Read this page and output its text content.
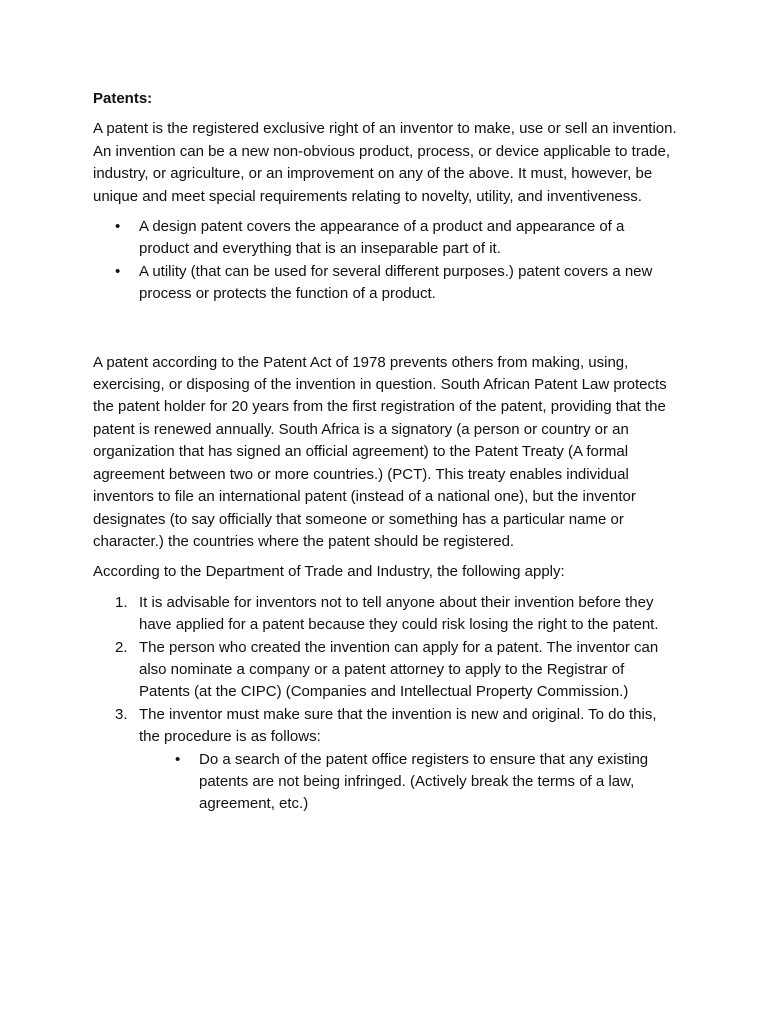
Patents:

A patent is the registered exclusive right of an inventor to make, use or sell an invention. An invention can be a new non-obvious product, process, or device applicable to trade, industry, or agriculture, or an improvement on any of the above. It must, however, be unique and meet special requirements relating to novelty, utility, and inventiveness.

• A design patent covers the appearance of a product and appearance of a product and everything that is an inseparable part of it.
• A utility (that can be used for several different purposes.) patent covers a new process or protects the function of a product.

A patent according to the Patent Act of 1978 prevents others from making, using, exercising, or disposing of the invention in question. South African Patent Law protects the patent holder for 20 years from the first registration of the patent, providing that the patent is renewed annually. South Africa is a signatory (a person or country or an organization that has signed an official agreement) to the Patent Treaty (A formal agreement between two or more countries.) (PCT). This treaty enables individual inventors to file an international patent (instead of a national one), but the inventor designates (to say officially that someone or something has a particular name or character.) the countries where the patent should be registered.

According to the Department of Trade and Industry, the following apply:

1. It is advisable for inventors not to tell anyone about their invention before they have applied for a patent because they could risk losing the right to the patent.
2. The person who created the invention can apply for a patent. The inventor can also nominate a company or a patent attorney to apply to the Registrar of Patents (at the CIPC) (Companies and Intellectual Property Commission.)
3. The inventor must make sure that the invention is new and original. To do this, the procedure is as follows:
• Do a search of the patent office registers to ensure that any existing patents are not being infringed. (Actively break the terms of a law, agreement, etc.)
